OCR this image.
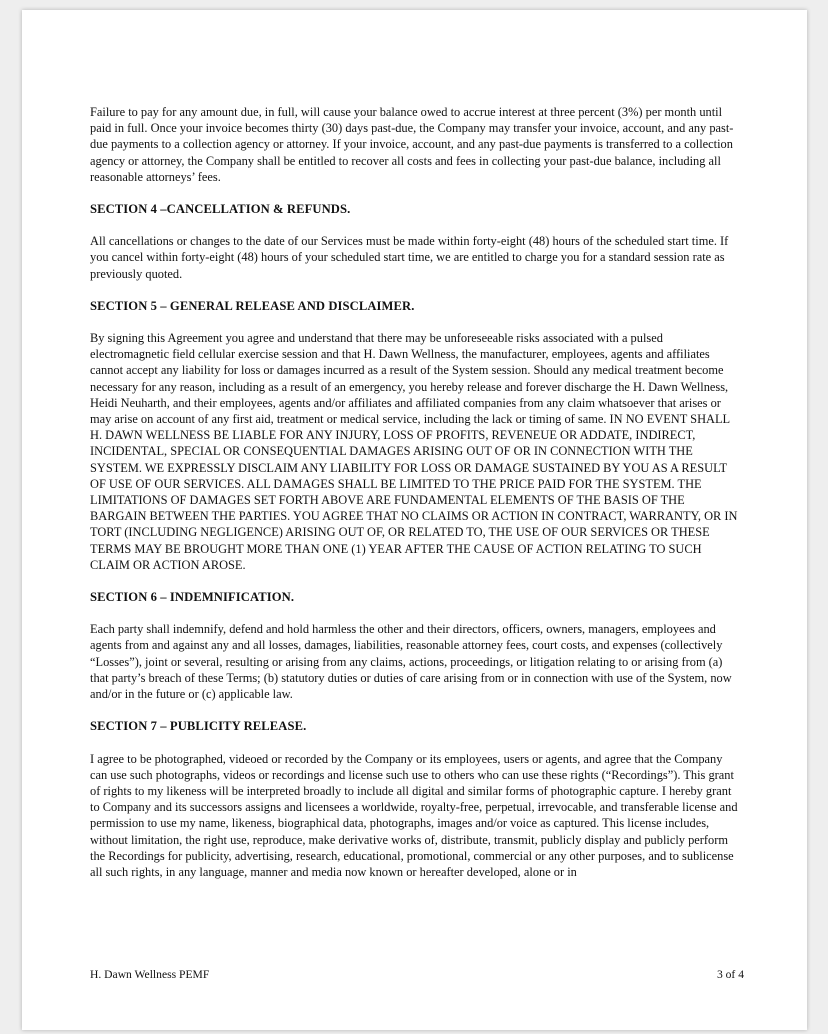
Failure to pay for any amount due, in full, will cause your balance owed to accrue interest at three percent (3%) per month until paid in full. Once your invoice becomes thirty (30) days past-due, the Company may transfer your invoice, account, and any past-due payments to a collection agency or attorney. If your invoice, account, and any past-due payments is transferred to a collection agency or attorney, the Company shall be entitled to recover all costs and fees in collecting your past-due balance, including all reasonable attorneys’ fees.

SECTION 4 –CANCELLATION & REFUNDS.

All cancellations or changes to the date of our Services must be made within forty-eight (48) hours of the scheduled start time. If you cancel within forty-eight (48) hours of your scheduled start time, we are entitled to charge you for a standard session rate as previously quoted.

SECTION 5 – GENERAL RELEASE AND DISCLAIMER.

By signing this Agreement you agree and understand that there may be unforeseeable risks associated with a pulsed electromagnetic field cellular exercise session and that H. Dawn Wellness, the manufacturer, employees, agents and affiliates cannot accept any liability for loss or damages incurred as a result of the System session. Should any medical treatment become necessary for any reason, including as a result of an emergency, you hereby release and forever discharge the H. Dawn Wellness, Heidi Neuharth, and their employees, agents and/or affiliates and affiliated companies from any claim whatsoever that arises or may arise on account of any first aid, treatment or medical service, including the lack or timing of same. IN NO EVENT SHALL H. DAWN WELLNESS BE LIABLE FOR ANY INJURY, LOSS OF PROFITS, REVENEUE OR ADDATE, INDIRECT, INCIDENTAL, SPECIAL OR CONSEQUENTIAL DAMAGES ARISING OUT OF OR IN CONNECTION WITH THE SYSTEM. WE EXPRESSLY DISCLAIM ANY LIABILITY FOR LOSS OR DAMAGE SUSTAINED BY YOU AS A RESULT OF USE OF OUR SERVICES. ALL DAMAGES SHALL BE LIMITED TO THE PRICE PAID FOR THE SYSTEM. THE LIMITATIONS OF DAMAGES SET FORTH ABOVE ARE FUNDAMENTAL ELEMENTS OF THE BASIS OF THE BARGAIN BETWEEN THE PARTIES. YOU AGREE THAT NO CLAIMS OR ACTION IN CONTRACT, WARRANTY, OR IN TORT (INCLUDING NEGLIGENCE) ARISING OUT OF, OR RELATED TO, THE USE OF OUR SERVICES OR THESE TERMS MAY BE BROUGHT MORE THAN ONE (1) YEAR AFTER THE CAUSE OF ACTION RELATING TO SUCH CLAIM OR ACTION AROSE.

SECTION 6 – INDEMNIFICATION.

Each party shall indemnify, defend and hold harmless the other and their directors, officers, owners, managers, employees and agents from and against any and all losses, damages, liabilities, reasonable attorney fees, court costs, and expenses (collectively “Losses”), joint or several, resulting or arising from any claims, actions, proceedings, or litigation relating to or arising from (a) that party’s breach of these Terms; (b) statutory duties or duties of care arising from or in connection with use of the System, now and/or in the future or (c) applicable law.

SECTION 7 – PUBLICITY RELEASE.

I agree to be photographed, videoed or recorded by the Company or its employees, users or agents, and agree that the Company can use such photographs, videos or recordings and license such use to others who can use these rights (“Recordings”). This grant of rights to my likeness will be interpreted broadly to include all digital and similar forms of photographic capture. I hereby grant to Company and its successors assigns and licensees a worldwide, royalty-free, perpetual, irrevocable, and transferable license and permission to use my name, likeness, biographical data, photographs, images and/or voice as captured. This license includes, without limitation, the right use, reproduce, make derivative works of, distribute, transmit, publicly display and publicly perform the Recordings for publicity, advertising, research, educational, promotional, commercial or any other purposes, and to sublicense all such rights, in any language, manner and media now known or hereafter developed, alone or in

H. Dawn Wellness PEMF	3 of 4
